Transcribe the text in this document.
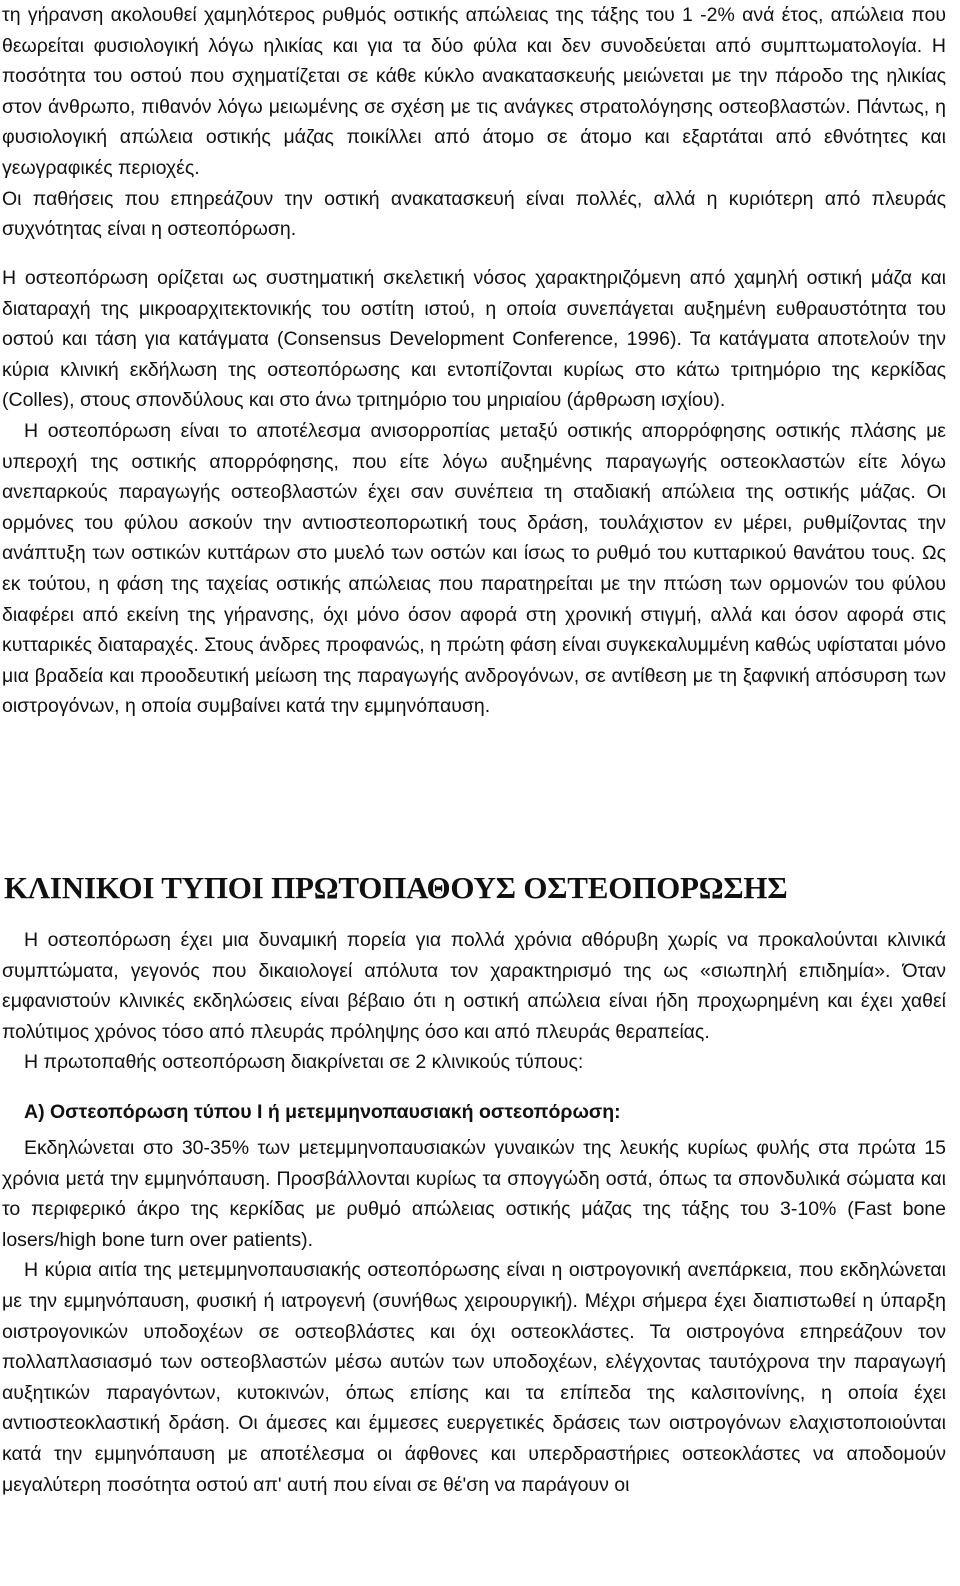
τη γήρανση ακολουθεί χαμηλότερος ρυθμός οστικής απώλειας της τάξης του 1 -2% ανά έτος, απώλεια που θεωρείται φυσιολογική λόγω ηλικίας και για τα δύο φύλα και δεν συνοδεύεται από συμπτωματολογία. Η ποσότητα του οστού που σχηματίζεται σε κάθε κύκλο ανακατασκευής μειώνεται με την πάροδο της ηλικίας στον άνθρωπο, πιθανόν λόγω μειωμένης σε σχέση με τις ανάγκες στρατολόγησης οστεοβλαστών. Πάντως, η φυσιολογική απώλεια οστικής μάζας ποικίλλει από άτομο σε άτομο και εξαρτάται από εθνότητες και γεωγραφικές περιοχές.

Οι παθήσεις που επηρεάζουν την οστική ανακατασκευή είναι πολλές, αλλά η κυριότερη από πλευράς συχνότητας είναι η οστεοπόρωση.

Η οστεοπόρωση ορίζεται ως συστηματική σκελετική νόσος χαρακτηριζόμενη από χαμηλή οστική μάζα και διαταραχή της μικροαρχιτεκτονικής του οστίτη ιστού, η οποία συνεπάγεται αυξημένη ευθραυστότητα του οστού και τάση για κατάγματα (Consensus Development Conference, 1996). Τα κατάγματα αποτελούν την κύρια κλινική εκδήλωση της οστεοπόρωσης και εντοπίζονται κυρίως στο κάτω τριτημόριο της κερκίδας (Colles), στους σπονδύλους και στο άνω τριτημόριο του μηριαίου (άρθρωση ισχίου).

Η οστεοπόρωση είναι το αποτέλεσμα ανισορροπίας μεταξύ οστικής απορρόφησης οστικής πλάσης με υπεροχή της οστικής απορρόφησης, που είτε λόγω αυξημένης παραγωγής οστεοκλαστών είτε λόγω ανεπαρκούς παραγωγής οστεοβλαστών έχει σαν συνέπεια τη σταδιακή απώλεια της οστικής μάζας. Οι ορμόνες του φύλου ασκούν την αντιοστεοπορωτική τους δράση, τουλάχιστον εν μέρει, ρυθμίζοντας την ανάπτυξη των οστικών κυττάρων στο μυελό των οστών και ίσως το ρυθμό του κυτταρικού θανάτου τους. Ως εκ τούτου, η φάση της ταχείας οστικής απώλειας που παρατηρείται με την πτώση των ορμονών του φύλου διαφέρει από εκείνη της γήρανσης, όχι μόνο όσον αφορά στη χρονική στιγμή, αλλά και όσον αφορά στις κυτταρικές διαταραχές. Στους άνδρες προφανώς, η πρώτη φάση είναι συγκεκαλυμμένη καθώς υφίσταται μόνο μια βραδεία και προοδευτική μείωση της παραγωγής ανδρογόνων, σε αντίθεση με τη ξαφνική απόσυρση των οιστρογόνων, η οποία συμβαίνει κατά την εμμηνόπαυση.

ΚΛΙΝΙΚΟΙ ΤΥΠΟΙ ΠΡΩΤΟΠΑΘΟΥΣ ΟΣΤΕΟΠΟΡΩΣΗΣ

Η οστεοπόρωση έχει μια δυναμική πορεία για πολλά χρόνια αθόρυβη χωρίς να προκαλούνται κλινικά συμπτώματα, γεγονός που δικαιολογεί απόλυτα τον χαρακτηρισμό της ως «σιωπηλή επιδημία». Όταν εμφανιστούν κλινικές εκδηλώσεις είναι βέβαιο ότι η οστική απώλεια είναι ήδη προχωρημένη και έχει χαθεί πολύτιμος χρόνος τόσο από πλευράς πρόληψης όσο και από πλευράς θεραπείας.

Η πρωτοπαθής οστεοπόρωση διακρίνεται σε 2 κλινικούς τύπους:

Α) Οστεοπόρωση τύπου Ι ή μετεμμηνοπαυσιακή οστεοπόρωση:

Εκδηλώνεται στο 30-35% των μετεμμηνοπαυσιακών γυναικών της λευκής κυρίως φυλής στα πρώτα 15 χρόνια μετά την εμμηνόπαυση. Προσβάλλονται κυρίως τα σπογγώδη οστά, όπως τα σπονδυλικά σώματα και το περιφερικό άκρο της κερκίδας με ρυθμό απώλειας οστικής μάζας της τάξης του 3-10% (Fast bone losers/high bone turn over patients).

Η κύρια αιτία της μετεμμηνοπαυσιακής οστεοπόρωσης είναι η οιστρογονική ανεπάρκεια, που εκδηλώνεται με την εμμηνόπαυση, φυσική ή ιατρογενή (συνήθως χειρουργική). Μέχρι σήμερα έχει διαπιστωθεί η ύπαρξη οιστρογονικών υποδοχέων σε οστεοβλάστες και όχι οστεοκλάστες. Τα οιστρογόνα επηρεάζουν τον πολλαπλασιασμό των οστεοβλαστών μέσω αυτών των υποδοχέων, ελέγχοντας ταυτόχρονα την παραγωγή αυξητικών παραγόντων, κυτοκινών, όπως επίσης και τα επίπεδα της καλσιτονίνης, η οποία έχει αντιοστεοκλαστική δράση. Οι άμεσες και έμμεσες ευεργετικές δράσεις των οιστρογόνων ελαχιστοποιούνται κατά την εμμηνόπαυση με αποτέλεσμα οι άφθονες και υπερδραστήριες οστεοκλάστες να αποδομούν μεγαλύτερη ποσότητα οστού απ' αυτή που είναι σε θέ'ση να παράγουν οι
